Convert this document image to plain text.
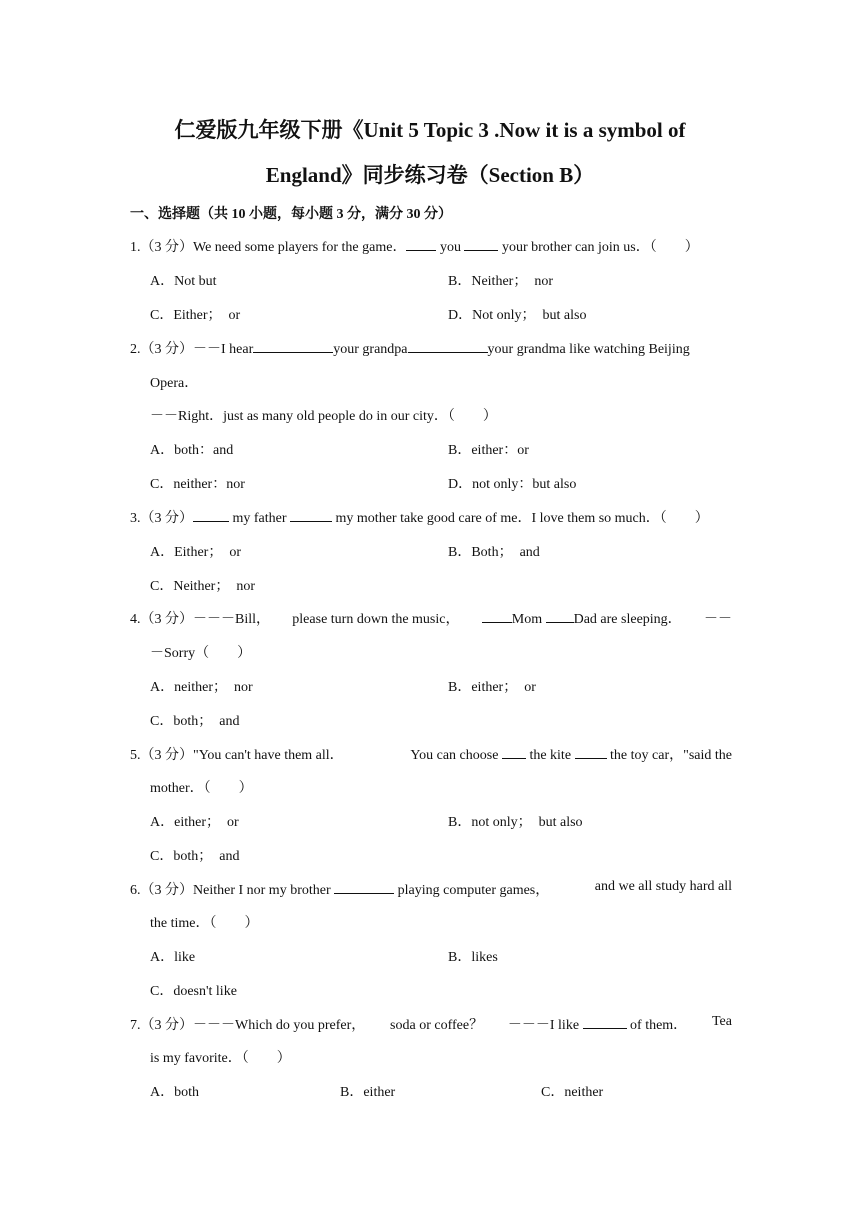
仁爱版九年级下册《Unit 5 Topic 3 .Now it is a symbol of
England》同步练习卷（Section B）
一、选择题（共 10 小题，每小题 3 分，满分 30 分）
1.（3 分）We need some players for the game． you  your brother can join us．（　　）
A．Not but	B．Neither；　nor
C．Either；　or	D．Not only；　but also
2.（3 分）－－I hear	your grandpa	your grandma like watching Beijing
Opera．
－－Right．just as many old people do in our city．（　　）
A．both：and	B．either：or
C．neither：nor	D．not only：but also
3.（3 分）	my father	my mother take good care of me．I love them so much．（　　）
A．Either；　or	B．Both；　and
C．Neither；　nor
4.（3 分）－－－Bill， please turn down the music，	Mom Dad are sleeping． －－
－Sorry（　　）
A．neither；　nor	B．either；　or
C．both；　and
5.（3 分）"You can't have them all．	You can choose  the kite  the toy car，"said the
mother．（　　）
A．either；　or	B．not only；　but also
C．both；　and
6.（3 分）Neither I nor my brother	playing computer games，	and we all study hard all
the time．（　　）
A．like	B．likes
C．doesn't like
7.（3 分）－－－Which do you prefer， soda or coffee？ －－－I like	of them． Tea
is my favorite．（　　）
A．both	B．either	C．neither
